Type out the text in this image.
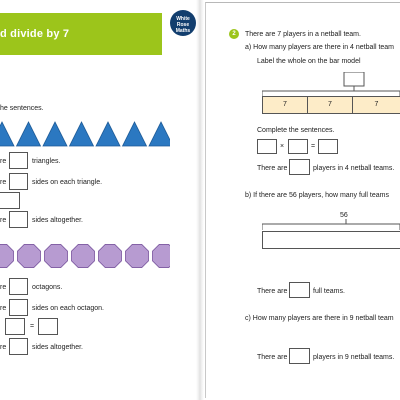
d divide by 7
White
Rose
Maths
he sentences.
re	triangles.
re	sides on each triangle.
re	sides altogether.
re	octagons.
re	sides on each octagon.
=
re	sides altogether.
2	There are 7 players in a netball team.
a) How many players are there in 4 netball team
Label the whole on the bar model
7	7	7
Complete the sentences.
×	=
There are	players in 4 netball teams.
b) If there are 56 players, how many full teams
56
There are	full teams.
c) How many players are there in 9 netball team
There are	players in 9 netball teams.
